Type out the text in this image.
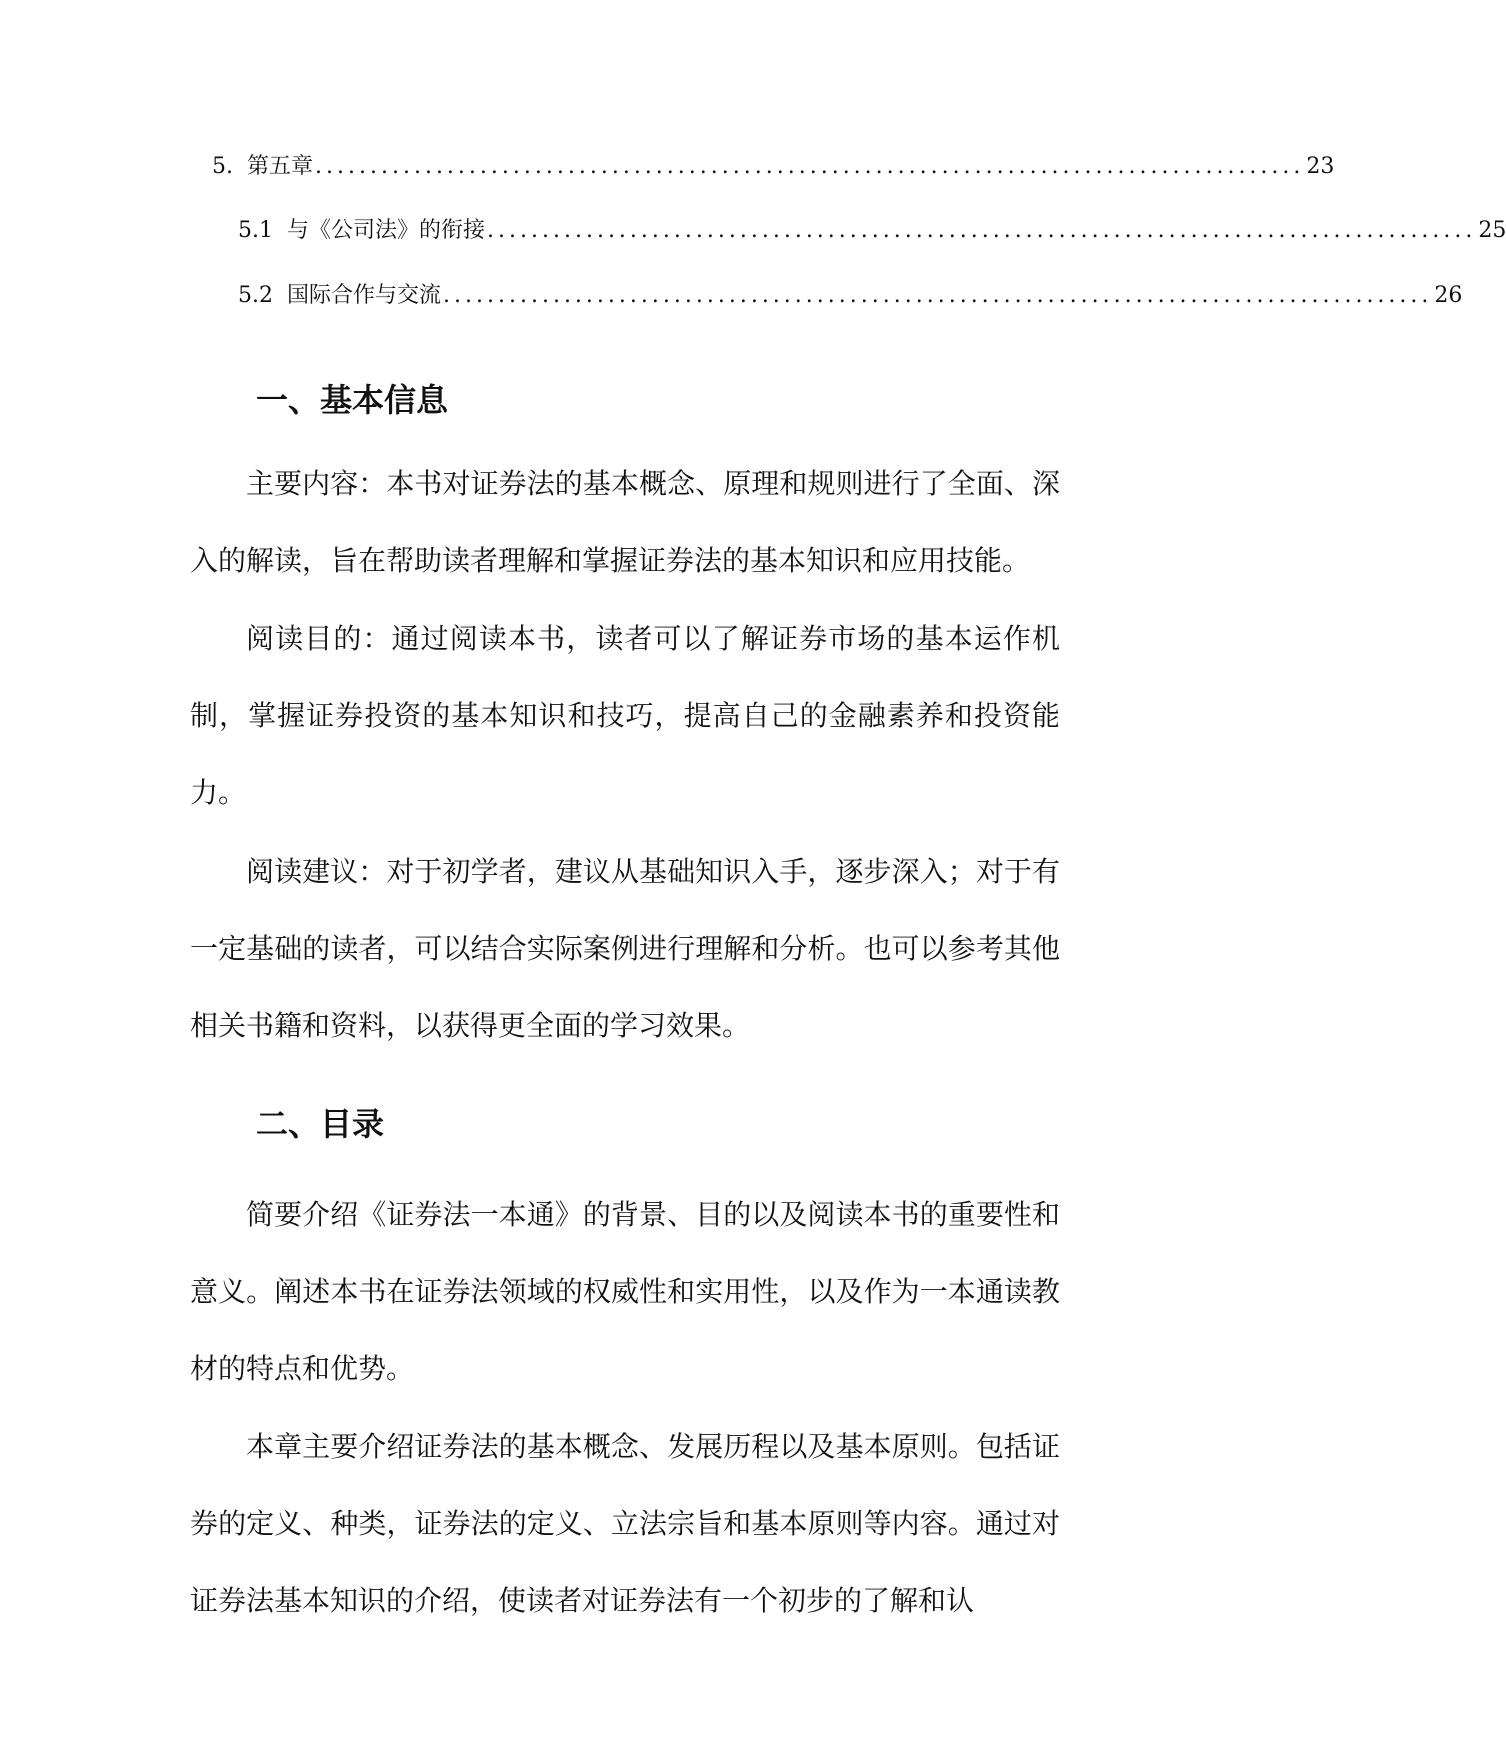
5. 第五章 .......................................................................................... 23
5.1 与《公司法》的衔接 .......................................................................................... 25
5.2 国际合作与交流 .......................................................................................... 26
一、基本信息

主要内容：本书对证券法的基本概念、原理和规则进行了全面、深入的解读，旨在帮助读者理解和掌握证券法的基本知识和应用技能。

阅读目的：通过阅读本书，读者可以了解证券市场的基本运作机制，掌握证券投资的基本知识和技巧，提高自己的金融素养和投资能力。

阅读建议：对于初学者，建议从基础知识入手，逐步深入；对于有一定基础的读者，可以结合实际案例进行理解和分析。也可以参考其他相关书籍和资料，以获得更全面的学习效果。

二、目录

简要介绍《证券法一本通》的背景、目的以及阅读本书的重要性和意义。阐述本书在证券法领域的权威性和实用性，以及作为一本通读教材的特点和优势。

本章主要介绍证券法的基本概念、发展历程以及基本原则。包括证券的定义、种类，证券法的定义、立法宗旨和基本原则等内容。通过对证券法基本知识的介绍，使读者对证券法有一个初步的了解和认
